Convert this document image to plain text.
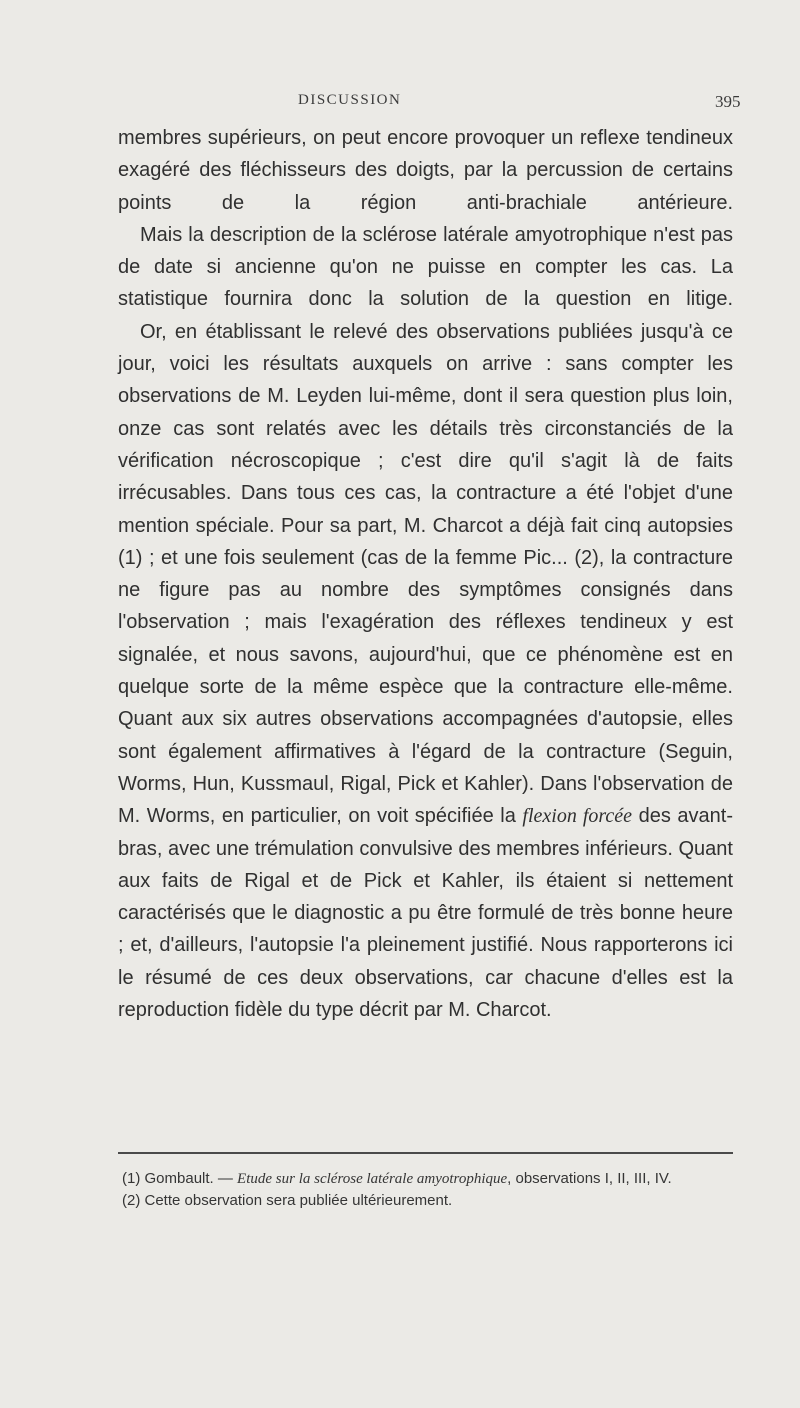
DISCUSSION	395

membres supérieurs, on peut encore provoquer un reflexe tendineux exagéré des fléchisseurs des doigts, par la percussion de certains points de la région anti-brachiale antérieure.

Mais la description de la sclérose latérale amyotrophique n'est pas de date si ancienne qu'on ne puisse en compter les cas. La statistique fournira donc la solution de la question en litige.

Or, en établissant le relevé des observations publiées jusqu'à ce jour, voici les résultats auxquels on arrive : sans compter les observations de M. Leyden lui-même, dont il sera question plus loin, onze cas sont relatés avec les détails très circonstanciés de la vérification nécroscopique ; c'est dire qu'il s'agit là de faits irrécusables. Dans tous ces cas, la contracture a été l'objet d'une mention spéciale. Pour sa part, M. Charcot a déjà fait cinq autopsies (1) ; et une fois seulement (cas de la femme Pic... (2), la contracture ne figure pas au nombre des symptômes consignés dans l'observation ; mais l'exagération des réflexes tendineux y est signalée, et nous savons, aujourd'hui, que ce phénomène est en quelque sorte de la même espèce que la contracture elle-même. Quant aux six autres observations accompagnées d'autopsie, elles sont également affirmatives à l'égard de la contracture (Seguin, Worms, Hun, Kussmaul, Rigal, Pick et Kahler). Dans l'observation de M. Worms, en particulier, on voit spécifiée la flexion forcée des avant-bras, avec une trémulation convulsive des membres inférieurs. Quant aux faits de Rigal et de Pick et Kahler, ils étaient si nettement caractérisés que le diagnostic a pu être formulé de très bonne heure ; et, d'ailleurs, l'autopsie l'a pleinement justifié. Nous rapporterons ici le résumé de ces deux observations, car chacune d'elles est la reproduction fidèle du type décrit par M. Charcot.

(1) Gombault. — Etude sur la sclérose latérale amyotrophique, observations I, II, III, IV.

(2) Cette observation sera publiée ultérieurement.
